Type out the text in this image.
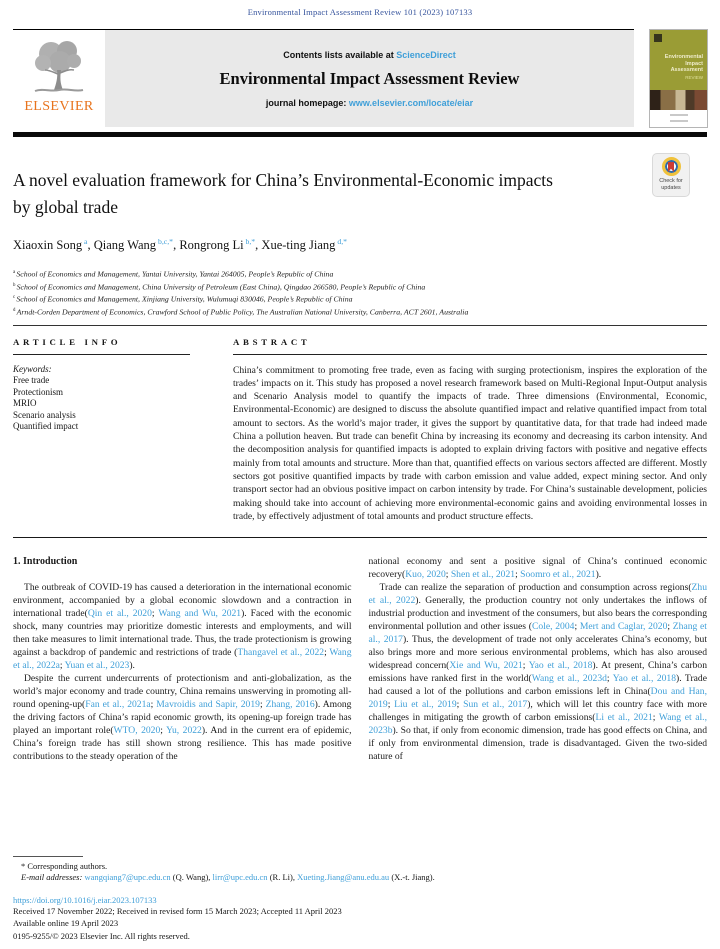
Environmental Impact Assessment Review 101 (2023) 107133
ELSEVIER
Contents lists available at ScienceDirect
Environmental Impact Assessment Review
journal homepage: www.elsevier.com/locate/eiar
Environmental
Impact
Assessment
REVIEW
A novel evaluation framework for China’s Environmental-Economic impacts by global trade
Check for
updates
Xiaoxin Song $^a$, Qiang Wang $^{b,c,*}$, Rongrong Li $^{b,*}$, Xue-ting Jiang $^{d,*}$
$^a$ School of Economics and Management, Yantai University, Yantai 264005, People’s Republic of China
$^b$ School of Economics and Management, China University of Petroleum (East China), Qingdao 266580, People’s Republic of China
$^c$ School of Economics and Management, Xinjiang University, Wulumuqi 830046, People’s Republic of China
$^d$ Arndt-Corden Department of Economics, Crawford School of Public Policy, The Australian National University, Canberra, ACT 2601, Australia
ARTICLE INFO
Keywords:
Free trade
Protectionism
MRIO
Scenario analysis
Quantified impact
ABSTRACT
China’s commitment to promoting free trade, even as facing with surging protectionism, inspires the exploration of the trades’ impacts on it. This study has proposed a novel research framework based on Multi-Regional Input-Output analysis and Scenario Analysis model to quantify the impacts of trade. Three dimensions (Environmental, Economic, Environmental-Economic) are designed to discuss the absolute quantified impact and relative quantified impact from total amount to sectors. As the world’s major trader, it gives the support by quantitative data, for that trade had indeed made China a pollution heaven. But trade can benefit China by increasing its economy and decreasing its carbon intensity. And the decomposition analysis for quantified impacts is adopted to explain driving factors with positive and negative effects mainly from total amounts and structure. More than that, quantified effects on various sectors affected are different. Mostly sectors got positive quantified impacts by trade with carbon emission and value added, expect mining sector. And only transport sector had an obvious positive impact on carbon intensity by trade. For China’s sustainable development, policies making should take into account of achieving more environmental-economic gains and avoiding environmental losses in trade, by effectively adjustment of total amounts and product structure effects.
1. Introduction

The outbreak of COVID-19 has caused a deterioration in the international economic environment, accompanied by a global economic slowdown and a contraction in international trade(Qin et al., 2020; Wang and Wu, 2021). Faced with the economic shock, many countries may prioritize domestic interests and employments, and will then take measures to limit international trade. Thus, the trade protectionism is growing against a backdrop of pandemic and restrictions of trade (Thangavel et al., 2022; Wang et al., 2022a; Yuan et al., 2023).

Despite the current undercurrents of protectionism and anti-globalization, as the world’s major economy and trade country, China remains unswerving in promoting all-round opening-up(Fan et al., 2021a; Mavroidis and Sapir, 2019; Zhang, 2016). Among the driving factors of China’s rapid economic growth, its opening-up foreign trade has played an important role(WTO, 2020; Yu, 2022). And in the current era of epidemic, China’s foreign trade has still shown strong resilience. This has made positive contributions to the steady operation of the

national economy and sent a positive signal of China’s continued economic recovery(Kuo, 2020; Shen et al., 2021; Soomro et al., 2021).

Trade can realize the separation of production and consumption across regions(Zhu et al., 2022). Generally, the production country not only undertakes the inflows of industrial production and investment of the consumers, but also bears the corresponding environmental pollution and other issues (Cole, 2004; Mert and Caglar, 2020; Zhang et al., 2017). Thus, the development of trade not only accelerates China’s economy, but also brings more and more serious environmental problems, which has also aroused widespread concern(Xie and Wu, 2021; Yao et al., 2018). At present, China’s carbon emissions have ranked first in the world(Wang et al., 2023d; Yao et al., 2018). Trade had caused a lot of the pollutions and carbon emissions left in China(Dou and Han, 2019; Liu et al., 2019; Sun et al., 2017), which will let this country face with more challenges in mitigating the growth of carbon emissions(Li et al., 2021; Wang et al., 2023b). So that, if only from economic dimension, trade has good effects on China, and if only from environmental dimension, trade is disadvantaged. Given the two-sided nature of

* Corresponding authors.
E-mail addresses: wangqiang7@upc.edu.cn (Q. Wang), lirr@upc.edu.cn (R. Li), Xueting.Jiang@anu.edu.au (X.-t. Jiang).
https://doi.org/10.1016/j.eiar.2023.107133
Received 17 November 2022; Received in revised form 15 March 2023; Accepted 11 April 2023
Available online 19 April 2023
0195-9255/© 2023 Elsevier Inc. All rights reserved.
